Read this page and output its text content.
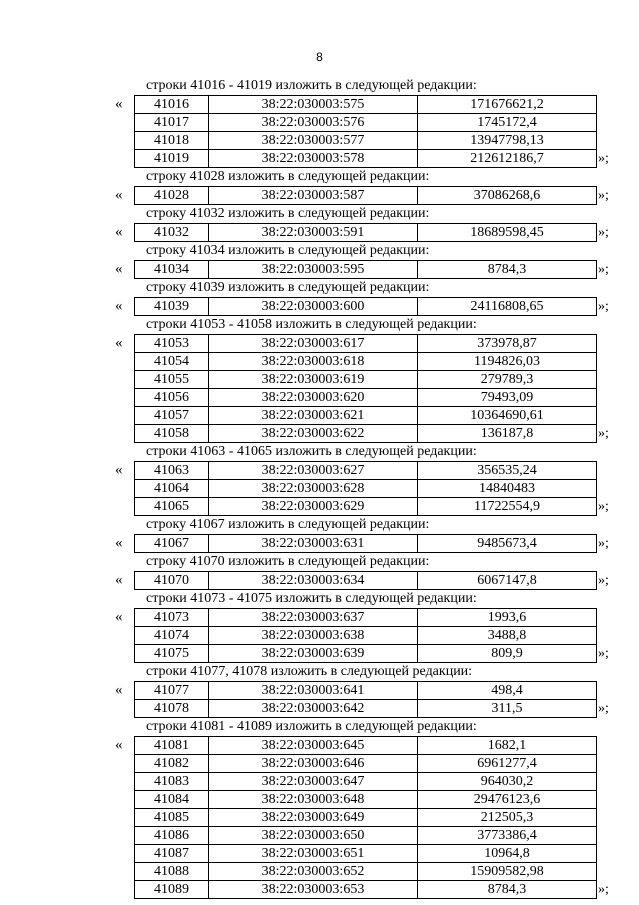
8
строки 41016 - 41019 изложить в следующей редакции:
« 41016	38:22:030003:575	171676621,2
41017	38:22:030003:576	1745172,4
41018	38:22:030003:577	13947798,13
41019	38:22:030003:578	212612186,7	»;
строку 41028 изложить в следующей редакции:
« 41028	38:22:030003:587	37086268,6	»;
строку 41032 изложить в следующей редакции:
« 41032	38:22:030003:591	18689598,45	»;
строку 41034 изложить в следующей редакции:
« 41034	38:22:030003:595	8784,3	»;
строку 41039 изложить в следующей редакции:
« 41039	38:22:030003:600	24116808,65	»;
строки 41053 - 41058 изложить в следующей редакции:
« 41053	38:22:030003:617	373978,87
41054	38:22:030003:618	1194826,03
41055	38:22:030003:619	279789,3
41056	38:22:030003:620	79493,09
41057	38:22:030003:621	10364690,61
41058	38:22:030003:622	136187,8	»;
строки 41063 - 41065 изложить в следующей редакции:
« 41063	38:22:030003:627	356535,24
41064	38:22:030003:628	14840483
41065	38:22:030003:629	11722554,9	»;
строку 41067 изложить в следующей редакции:
« 41067	38:22:030003:631	9485673,4	»;
строку 41070 изложить в следующей редакции:
« 41070	38:22:030003:634	6067147,8	»;
строки 41073 - 41075 изложить в следующей редакции:
« 41073	38:22:030003:637	1993,6
41074	38:22:030003:638	3488,8
41075	38:22:030003:639	809,9	»;
строки 41077, 41078 изложить в следующей редакции:
« 41077	38:22:030003:641	498,4
41078	38:22:030003:642	311,5	»;
строки 41081 - 41089 изложить в следующей редакции:
« 41081	38:22:030003:645	1682,1
41082	38:22:030003:646	6961277,4
41083	38:22:030003:647	964030,2
41084	38:22:030003:648	29476123,6
41085	38:22:030003:649	212505,3
41086	38:22:030003:650	3773386,4
41087	38:22:030003:651	10964,8
41088	38:22:030003:652	15909582,98
41089	38:22:030003:653	8784,3	»;
